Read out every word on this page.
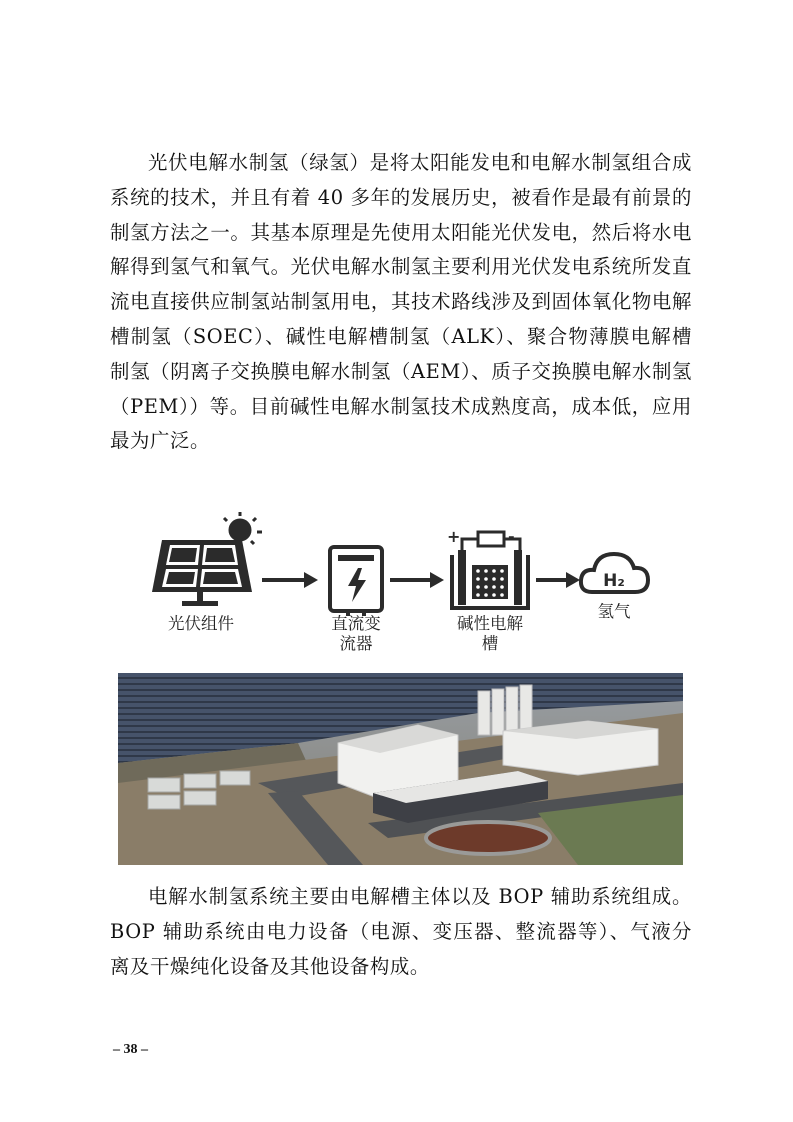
光伏电解水制氢（绿氢）是将太阳能发电和电解水制氢组合成系统的技术，并且有着 40 多年的发展历史，被看作是最有前景的制氢方法之一。其基本原理是先使用太阳能光伏发电，然后将水电解得到氢气和氧气。光伏电解水制氢主要利用光伏发电系统所发直流电直接供应制氢站制氢用电，其技术路线涉及到固体氧化物电解槽制氢（SOEC）、碱性电解槽制氢（ALK）、聚合物薄膜电解槽制氢（阴离子交换膜电解水制氢（AEM）、质子交换膜电解水制氢（PEM））等。目前碱性电解水制氢技术成熟度高，成本低，应用最为广泛。

+	-
H₂
光伏组件	直流变
流器
碱性电解
槽
氢气

电解水制氢系统主要由电解槽主体以及 BOP 辅助系统组成。BOP 辅助系统由电力设备（电源、变压器、整流器等）、气液分离及干燥纯化设备及其他设备构成。

– 38 –
